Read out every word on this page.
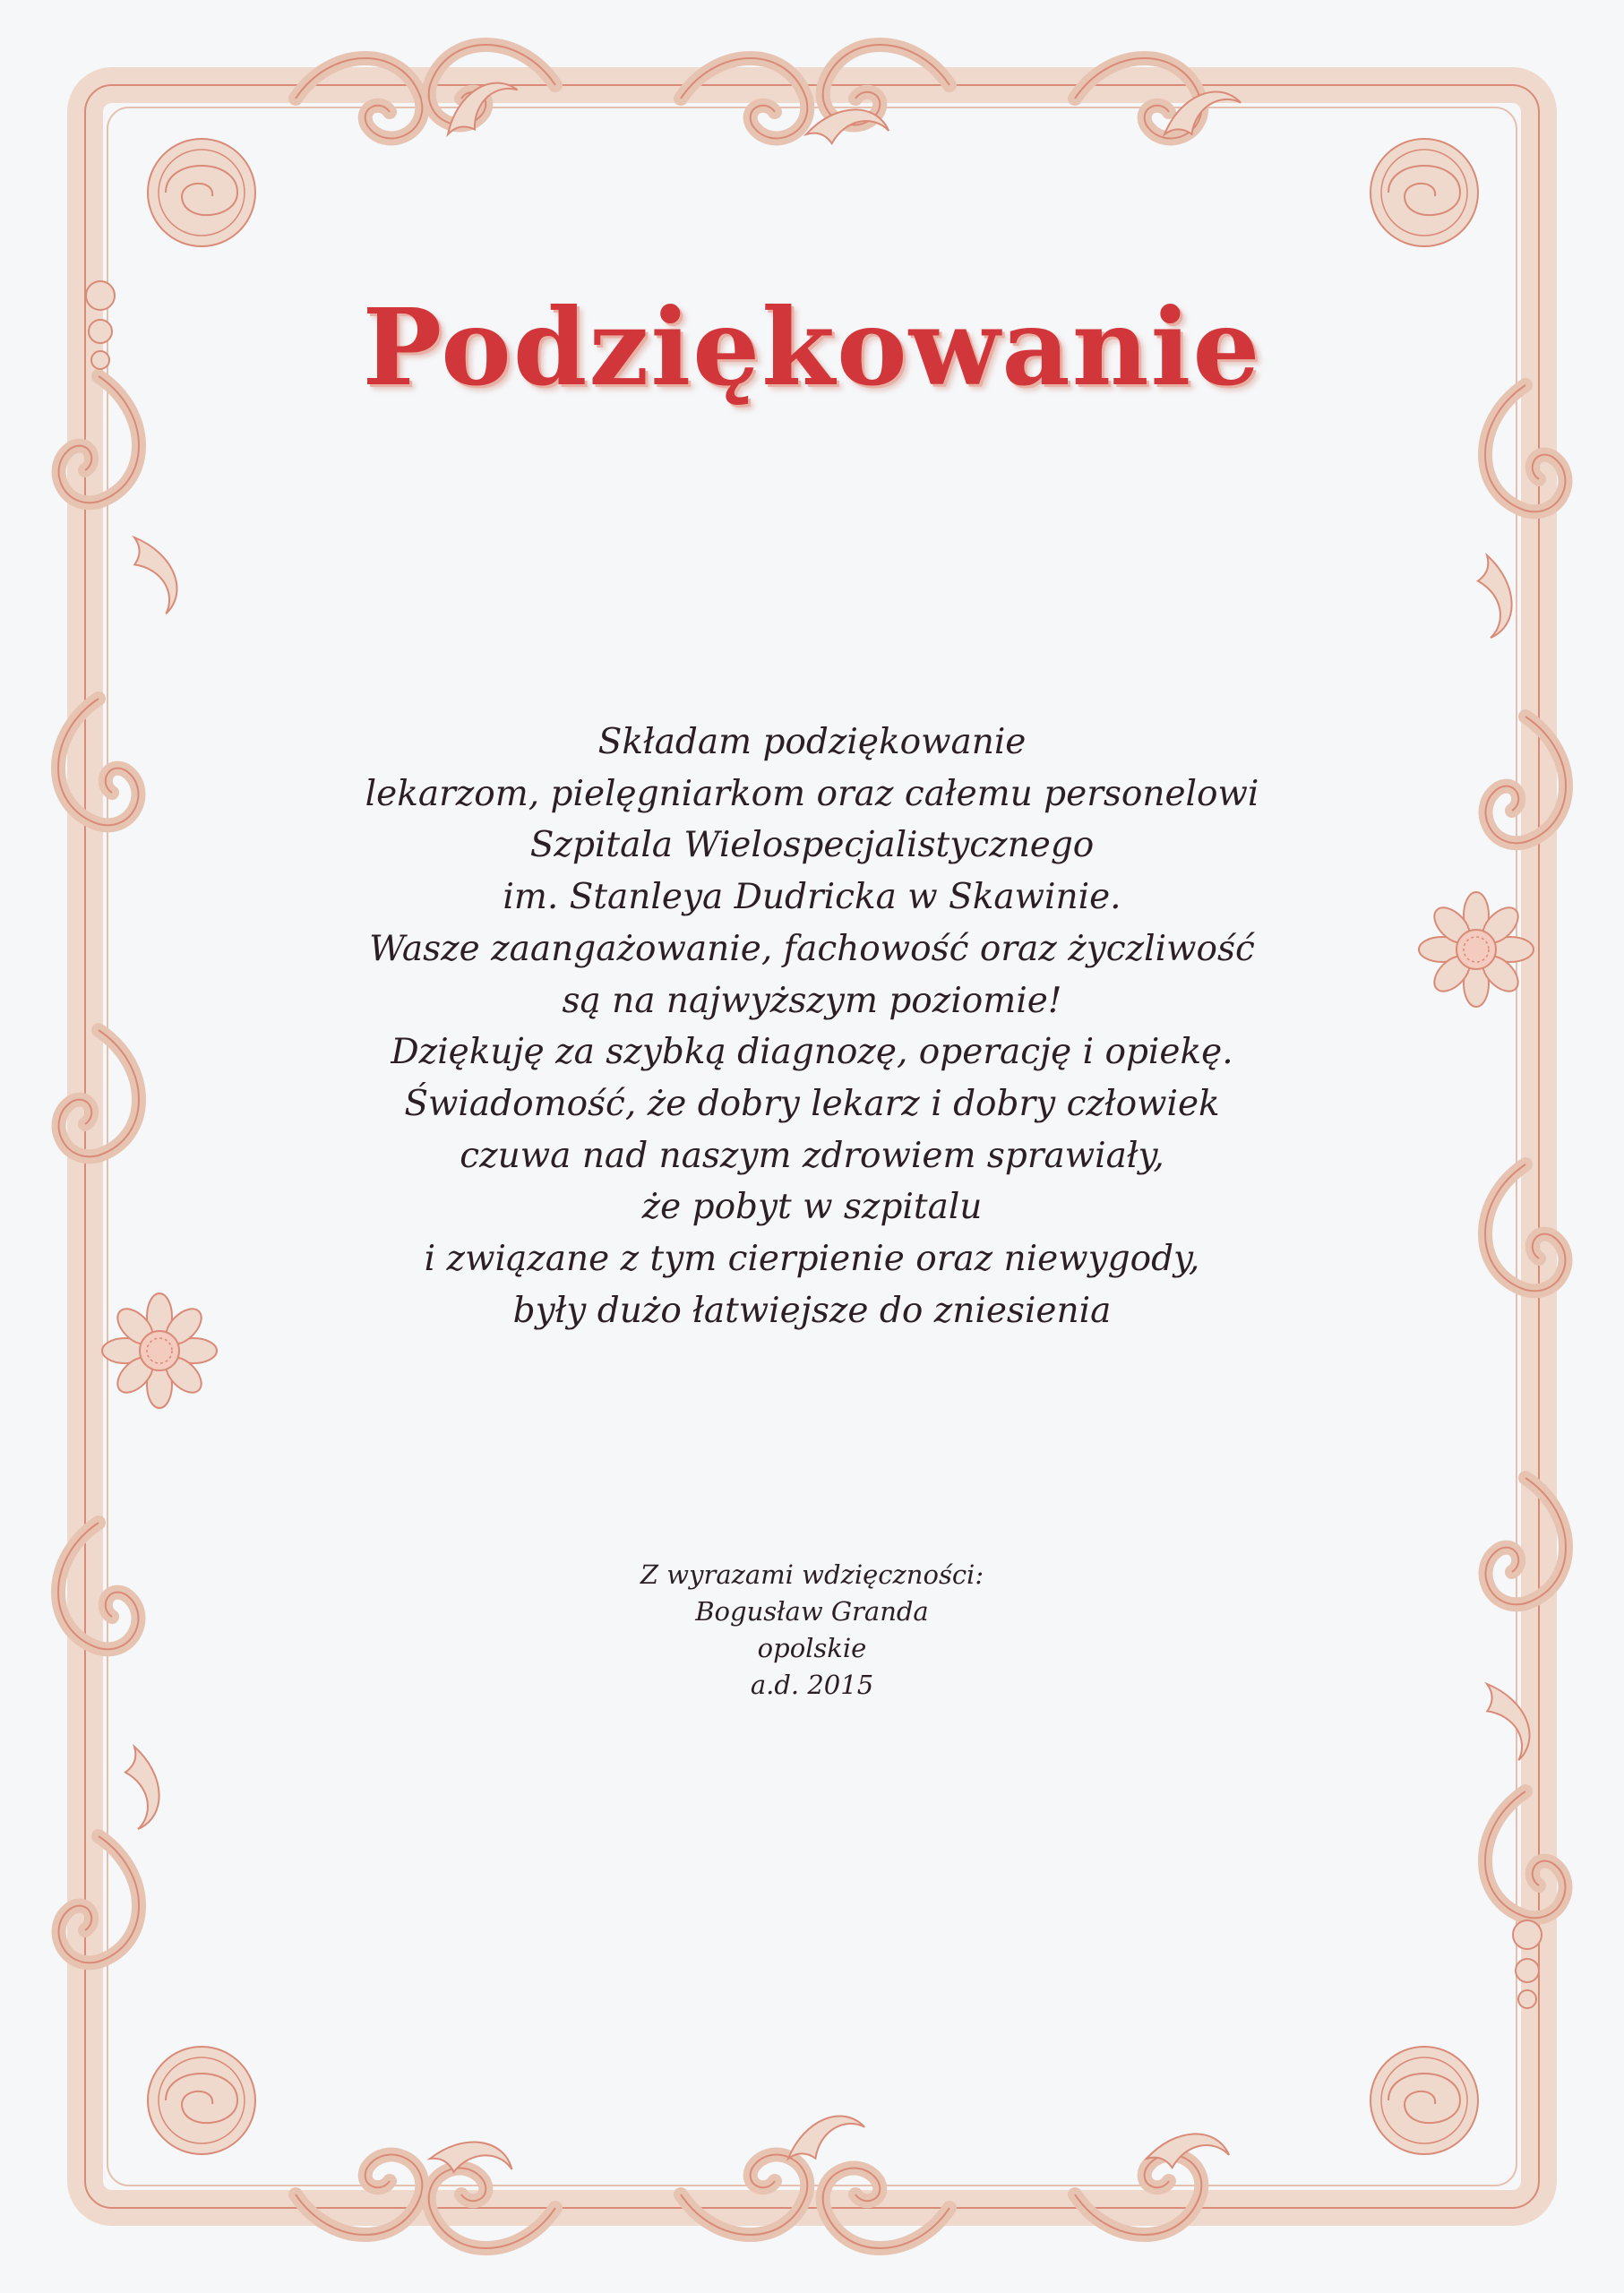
Podziękowanie
Składam podziękowanie
lekarzom, pielęgniarkom oraz całemu personelowi
Szpitala Wielospecjalistycznego
im. Stanleya Dudricka w Skawinie.
Wasze zaangażowanie, fachowość oraz życzliwość
są na najwyższym poziomie!
Dziękuję za szybką diagnozę, operację i opiekę.
Świadomość, że dobry lekarz i dobry człowiek
czuwa nad naszym zdrowiem sprawiały,
że pobyt w szpitalu
i związane z tym cierpienie oraz niewygody,
były dużo łatwiejsze do zniesienia
Z wyrazami wdzięczności:
Bogusław Granda
opolskie
a.d. 2015
